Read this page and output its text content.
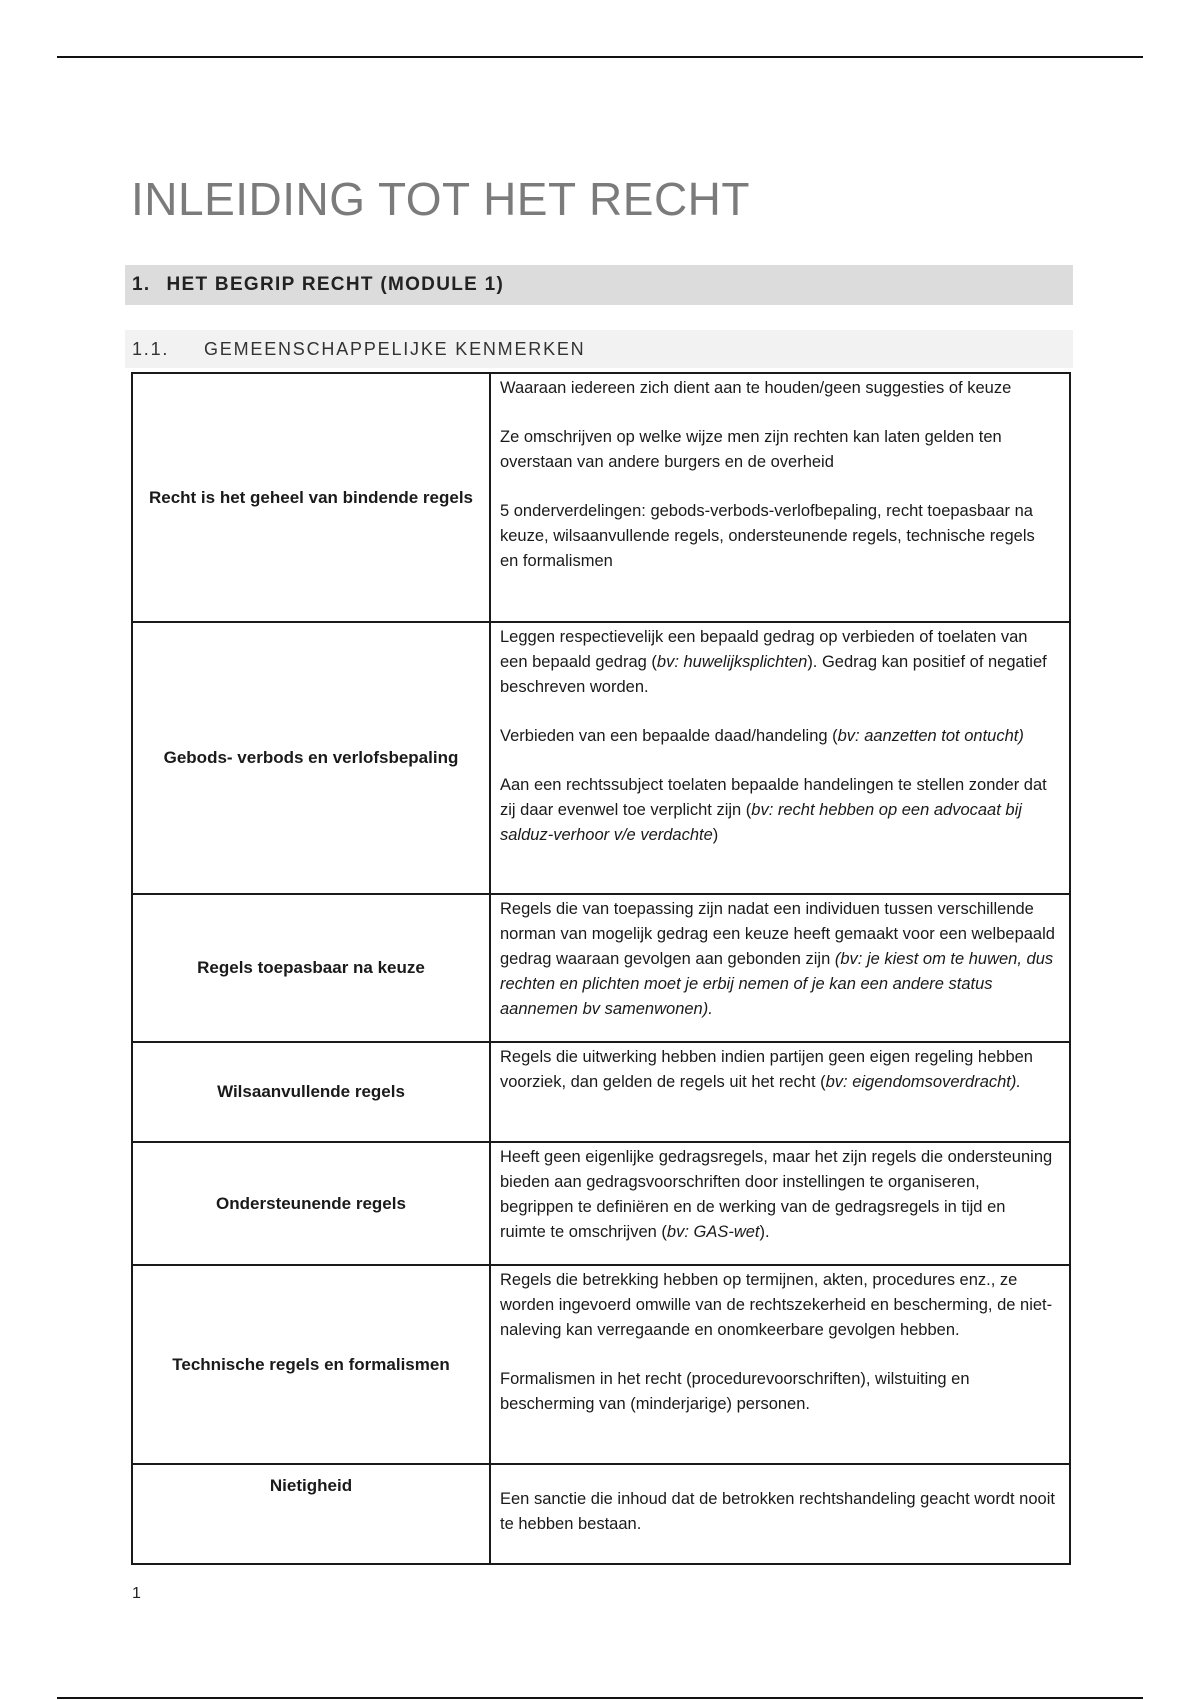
INLEIDING TOT HET RECHT
1. HET BEGRIP RECHT (MODULE 1)
1.1.	GEMEENSCHAPPELIJKE KENMERKEN
Recht is het geheel van bindende regels	Waaraan iedereen zich dient aan te houden/geen suggesties of keuze

Ze omschrijven op welke wijze men zijn rechten kan laten gelden ten overstaan van andere burgers en de overheid

5 onderverdelingen: gebods-verbods-verlofbepaling, recht toepasbaar na keuze, wilsaanvullende regels, ondersteunende regels, technische regels en formalismen

Gebods- verbods en verlofsbepaling	Leggen respectievelijk een bepaald gedrag op verbieden of toelaten van een bepaald gedrag (bv: huwelijksplichten). Gedrag kan positief of negatief beschreven worden.

Verbieden van een bepaalde daad/handeling (bv: aanzetten tot ontucht)

Aan een rechtssubject toelaten bepaalde handelingen te stellen zonder dat zij daar evenwel toe verplicht zijn (bv: recht hebben op een advocaat bij salduz-verhoor v/e verdachte)

Regels toepasbaar na keuze	Regels die van toepassing zijn nadat een individuen tussen verschillende norman van mogelijk gedrag een keuze heeft gemaakt voor een welbepaald gedrag waaraan gevolgen aan gebonden zijn (bv: je kiest om te huwen, dus rechten en plichten moet je erbij nemen of je kan een andere status aannemen bv samenwonen).

Wilsaanvullende regels	Regels die uitwerking hebben indien partijen geen eigen regeling hebben voorziek, dan gelden de regels uit het recht (bv: eigendomsoverdracht).

Ondersteunende regels	Heeft geen eigenlijke gedragsregels, maar het zijn regels die ondersteuning bieden aan gedragsvoorschriften door instellingen te organiseren, begrippen te definiëren en de werking van de gedragsregels in tijd en ruimte te omschrijven (bv: GAS-wet).

Technische regels en formalismen	Regels die betrekking hebben op termijnen, akten, procedures enz., ze worden ingevoerd omwille van de rechtszekerheid en bescherming, de niet-naleving kan verregaande en onomkeerbare gevolgen hebben.

Formalismen in het recht (procedurevoorschriften), wilstuiting en bescherming van (minderjarige) personen.

Nietigheid	Een sanctie die inhoud dat de betrokken rechtshandeling geacht wordt nooit te hebben bestaan.

1
